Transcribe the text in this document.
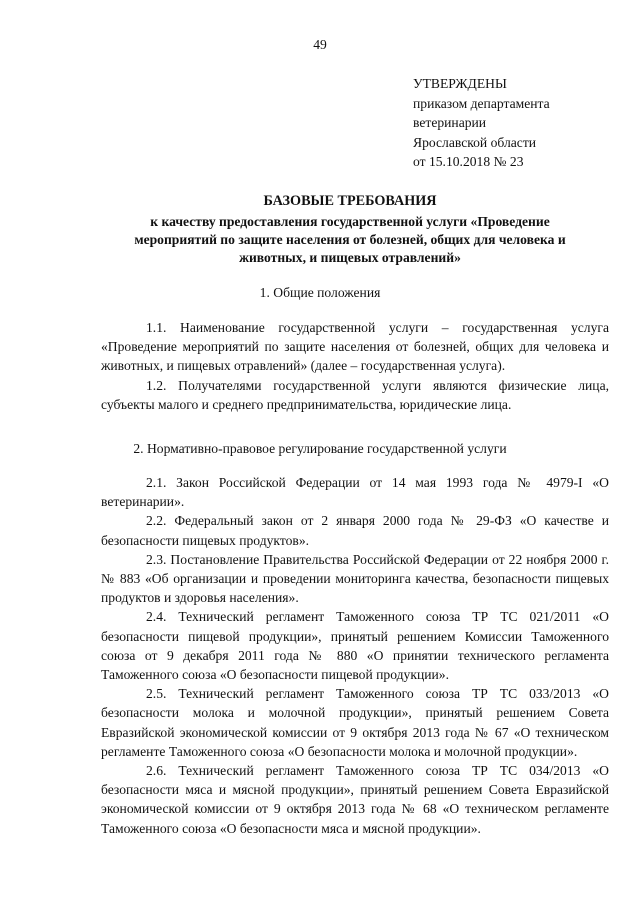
49
УТВЕРЖДЕНЫ
приказом департамента
ветеринарии
Ярославской области
от 15.10.2018 № 23
БАЗОВЫЕ ТРЕБОВАНИЯ
к качеству предоставления государственной услуги «Проведение
мероприятий по защите населения от болезней, общих для человека и
животных, и пищевых отравлений»
1. Общие положения
1.1. Наименование государственной услуги – государственная услуга «Проведение мероприятий по защите населения от болезней, общих для человека и животных, и пищевых отравлений» (далее – государственная услуга).
1.2. Получателями государственной услуги являются физические лица, субъекты малого и среднего предпринимательства, юридические лица.
2. Нормативно-правовое регулирование государственной услуги
2.1. Закон Российской Федерации от 14 мая 1993 года № 4979-I «О ветеринарии».
2.2. Федеральный закон от 2 января 2000 года № 29-ФЗ «О качестве и безопасности пищевых продуктов».
2.3. Постановление Правительства Российской Федерации от 22 ноября 2000 г. № 883 «Об организации и проведении мониторинга качества, безопасности пищевых продуктов и здоровья населения».
2.4. Технический регламент Таможенного союза ТР ТС 021/2011 «О безопасности пищевой продукции», принятый решением Комиссии Таможенного союза от 9 декабря 2011 года № 880 «О принятии технического регламента Таможенного союза «О безопасности пищевой продукции».
2.5. Технический регламент Таможенного союза ТР ТС 033/2013 «О безопасности молока и молочной продукции», принятый решением Совета Евразийской экономической комиссии от 9 октября 2013 года № 67 «О техническом регламенте Таможенного союза «О безопасности молока и молочной продукции».
2.6. Технический регламент Таможенного союза ТР ТС 034/2013 «О безопасности мяса и мясной продукции», принятый решением Совета Евразийской экономической комиссии от 9 октября 2013 года № 68 «О техническом регламенте Таможенного союза «О безопасности мяса и мясной продукции».
